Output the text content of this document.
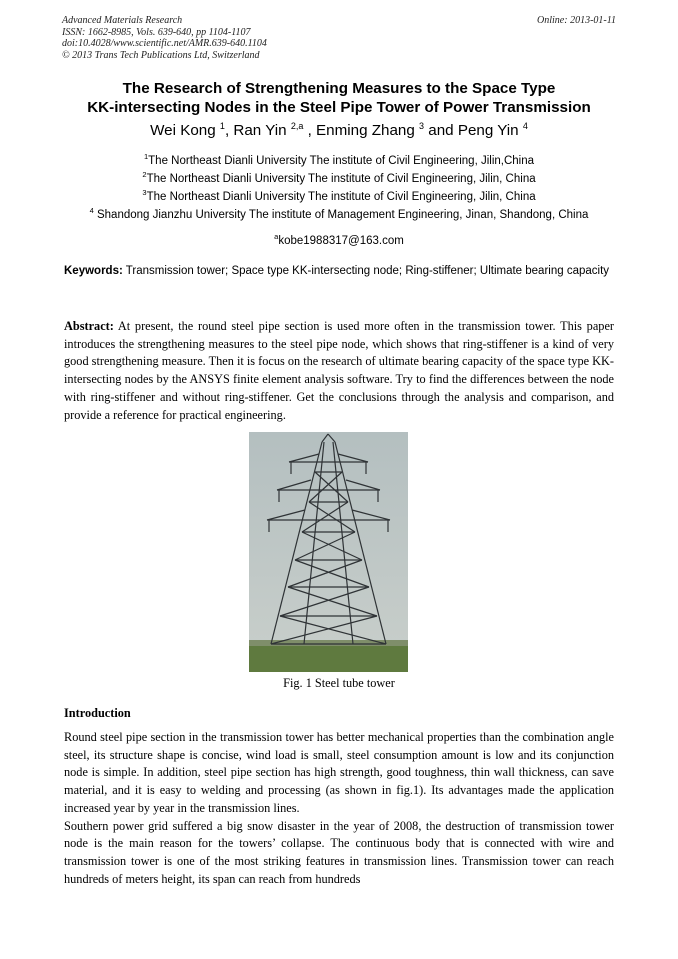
Advanced Materials Research
ISSN: 1662-8985, Vols. 639-640, pp 1104-1107
doi:10.4028/www.scientific.net/AMR.639-640.1104
© 2013 Trans Tech Publications Ltd, Switzerland
Online: 2013-01-11
The Research of Strengthening Measures to the Space Type
KK-intersecting Nodes in the Steel Pipe Tower of Power Transmission
Wei Kong $^1$, Ran Yin $^{2,a}$ , Enming Zhang $^3$ and Peng Yin $^4$
$^1$The Northeast Dianli University The institute of Civil Engineering, Jilin,China
$^2$The Northeast Dianli University The institute of Civil Engineering, Jilin, China
$^3$The Northeast Dianli University The institute of Civil Engineering, Jilin, China
$^4$ Shandong Jianzhu University The institute of Management Engineering, Jinan, Shandong, China
$^a$kobe1988317@163.com
Keywords: Transmission tower; Space type KK-intersecting node; Ring-stiffener; Ultimate bearing capacity
Abstract: At present, the round steel pipe section is used more often in the transmission tower. This paper introduces the strengthening measures to the steel pipe node, which shows that ring-stiffener is a kind of very good strengthening measure. Then it is focus on the research of ultimate bearing capacity of the space type KK-intersecting nodes by the ANSYS finite element analysis software. Try to find the differences between the node with ring-stiffener and without ring-stiffener. Get the conclusions through the analysis and comparison, and provide a reference for practical engineering.
Fig. 1 Steel tube tower
Introduction

Round steel pipe section in the transmission tower has better mechanical properties than the combination angle steel, its structure shape is concise, wind load is small, steel consumption amount is low and its conjunction node is simple. In addition, steel pipe section has high strength, good toughness, thin wall thickness, can save material, and it is easy to welding and processing (as shown in fig.1). Its advantages made the application increased year by year in the transmission lines.

Southern power grid suffered a big snow disaster in the year of 2008, the destruction of transmission tower node is the main reason for the towers’ collapse. The continuous body that is connected with wire and transmission tower is one of the most striking features in transmission lines. Transmission tower can reach hundreds of meters height, its span can reach from hundreds
